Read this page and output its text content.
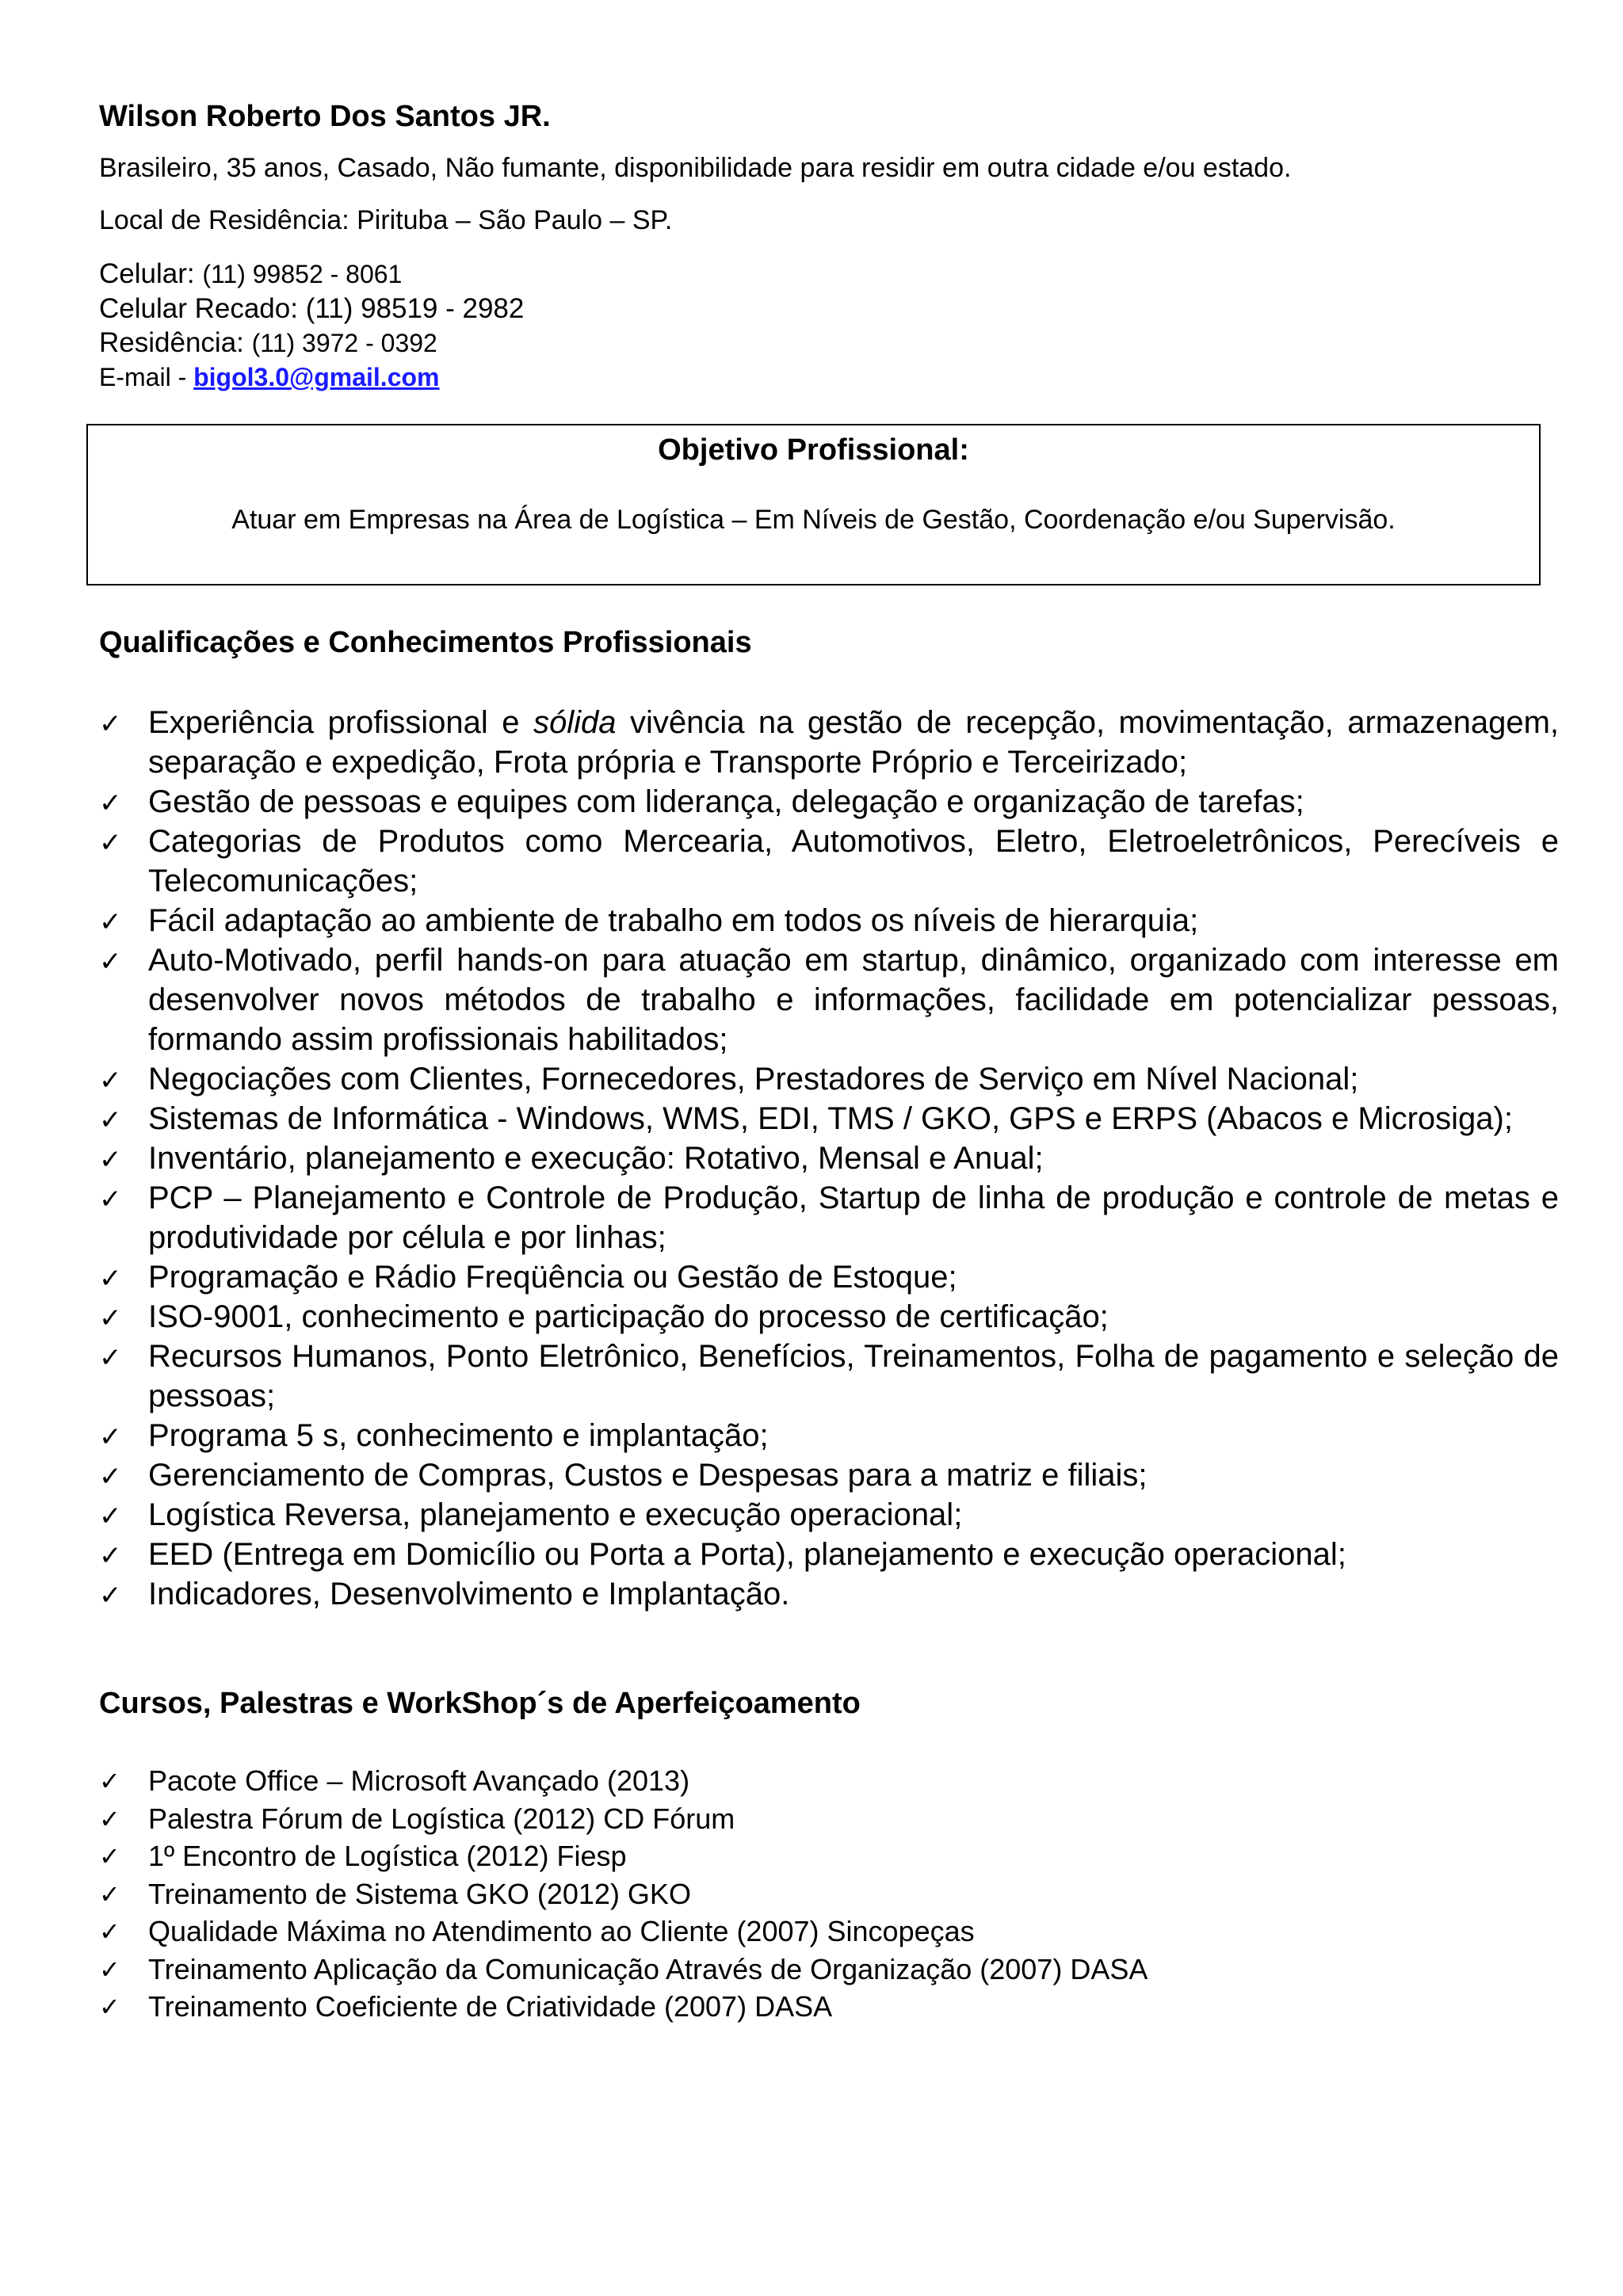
Wilson Roberto Dos Santos JR.
Brasileiro, 35 anos, Casado, Não fumante, disponibilidade para residir em outra cidade e/ou estado.
Local de Residência: Pirituba – São Paulo – SP.
Celular: (11) 99852 - 8061
Celular Recado: (11) 98519 - 2982
Residência: (11) 3972 - 0392
E-mail - bigol3.0@gmail.com
Objetivo Profissional:
Atuar em Empresas na Área de Logística – Em Níveis de Gestão, Coordenação e/ou Supervisão.
Qualificações e Conhecimentos Profissionais
✓ Experiência profissional e sólida vivência na gestão de recepção, movimentação, armazenagem, separação e expedição, Frota própria e Transporte Próprio e Terceirizado;
✓ Gestão de pessoas e equipes com liderança, delegação e organização de tarefas;
✓ Categorias de Produtos como Mercearia, Automotivos, Eletro, Eletroeletrônicos, Perecíveis e Telecomunicações;
✓ Fácil adaptação ao ambiente de trabalho em todos os níveis de hierarquia;
✓ Auto-Motivado, perfil hands-on para atuação em startup, dinâmico, organizado com interesse em desenvolver novos métodos de trabalho e informações, facilidade em potencializar pessoas, formando assim profissionais habilitados;
✓ Negociações com Clientes, Fornecedores, Prestadores de Serviço em Nível Nacional;
✓ Sistemas de Informática - Windows, WMS, EDI, TMS / GKO, GPS e ERPS (Abacos e Microsiga);
✓ Inventário, planejamento e execução: Rotativo, Mensal e Anual;
✓ PCP – Planejamento e Controle de Produção, Startup de linha de produção e controle de metas e produtividade por célula e por linhas;
✓ Programação e Rádio Freqüência ou Gestão de Estoque;
✓ ISO-9001, conhecimento e participação do processo de certificação;
✓ Recursos Humanos, Ponto Eletrônico, Benefícios, Treinamentos, Folha de pagamento e seleção de pessoas;
✓ Programa 5 s, conhecimento e implantação;
✓ Gerenciamento de Compras, Custos e Despesas para a matriz e filiais;
✓ Logística Reversa, planejamento e execução operacional;
✓ EED (Entrega em Domicílio ou Porta a Porta), planejamento e execução operacional;
✓ Indicadores, Desenvolvimento e Implantação.
Cursos, Palestras e WorkShop´s de Aperfeiçoamento
✓ Pacote Office – Microsoft Avançado (2013)
✓ Palestra Fórum de Logística (2012) CD Fórum
✓ 1º Encontro de Logística (2012) Fiesp
✓ Treinamento de Sistema GKO (2012) GKO
✓ Qualidade Máxima no Atendimento ao Cliente (2007) Sincopeças
✓ Treinamento Aplicação da Comunicação Através de Organização (2007) DASA
✓ Treinamento Coeficiente de Criatividade (2007) DASA
